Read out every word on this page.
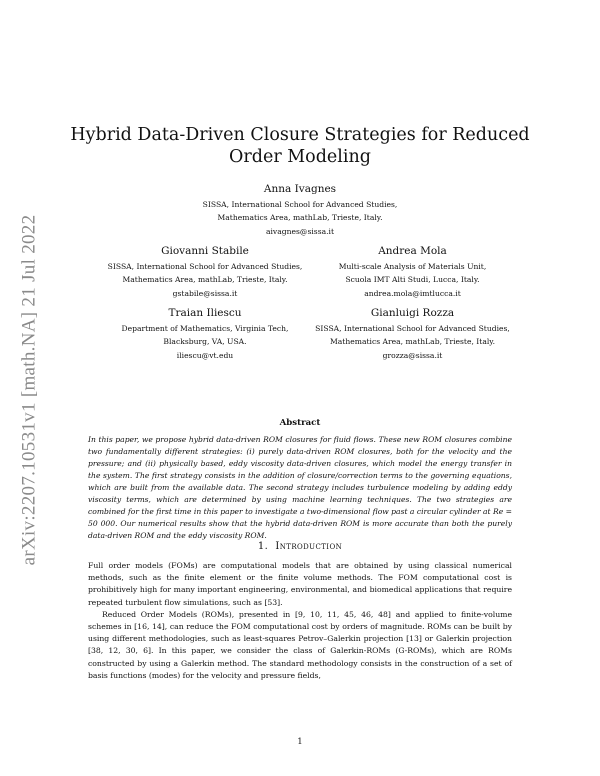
arXiv:2207.10531v1 [math.NA] 21 Jul 2022
Hybrid Data-Driven Closure Strategies for Reduced Order Modeling
Anna Ivagnes
SISSA, International School for Advanced Studies,
Mathematics Area, mathLab, Trieste, Italy.
aivagnes@sissa.it
Giovanni Stabile
SISSA, International School for Advanced Studies,
Mathematics Area, mathLab, Trieste, Italy.
gstabile@sissa.it
Andrea Mola
Multi-scale Analysis of Materials Unit,
Scuola IMT Alti Studi, Lucca, Italy.
andrea.mola@imtlucca.it
Traian Iliescu
Department of Mathematics, Virginia Tech,
Blacksburg, VA, USA.
iliescu@vt.edu
Gianluigi Rozza
SISSA, International School for Advanced Studies,
Mathematics Area, mathLab, Trieste, Italy.
grozza@sissa.it
Abstract
In this paper, we propose hybrid data-driven ROM closures for fluid flows. These new ROM closures combine two fundamentally different strategies: (i) purely data-driven ROM closures, both for the velocity and the pressure; and (ii) physically based, eddy viscosity data-driven closures, which model the energy transfer in the system. The first strategy consists in the addition of closure/correction terms to the governing equations, which are built from the available data. The second strategy includes turbulence modeling by adding eddy viscosity terms, which are determined by using machine learning techniques. The two strategies are combined for the first time in this paper to investigate a two-dimensional flow past a circular cylinder at Re = 50 000. Our numerical results show that the hybrid data-driven ROM is more accurate than both the purely data-driven ROM and the eddy viscosity ROM.
1. Introduction

Full order models (FOMs) are computational models that are obtained by using classical numerical methods, such as the finite element or the finite volume methods. The FOM computational cost is prohibitively high for many important engineering, environmental, and biomedical applications that require repeated turbulent flow simulations, such as [53].

Reduced Order Models (ROMs), presented in [9, 10, 11, 45, 46, 48] and applied to finite-volume schemes in [16, 14], can reduce the FOM computational cost by orders of magnitude. ROMs can be built by using different methodologies, such as least-squares Petrov–Galerkin projection [13] or Galerkin projection [38, 12, 30, 6]. In this paper, we consider the class of Galerkin-ROMs (G-ROMs), which are ROMs constructed by using a Galerkin method. The standard methodology consists in the construction of a set of basis functions (modes) for the velocity and pressure fields,

1
